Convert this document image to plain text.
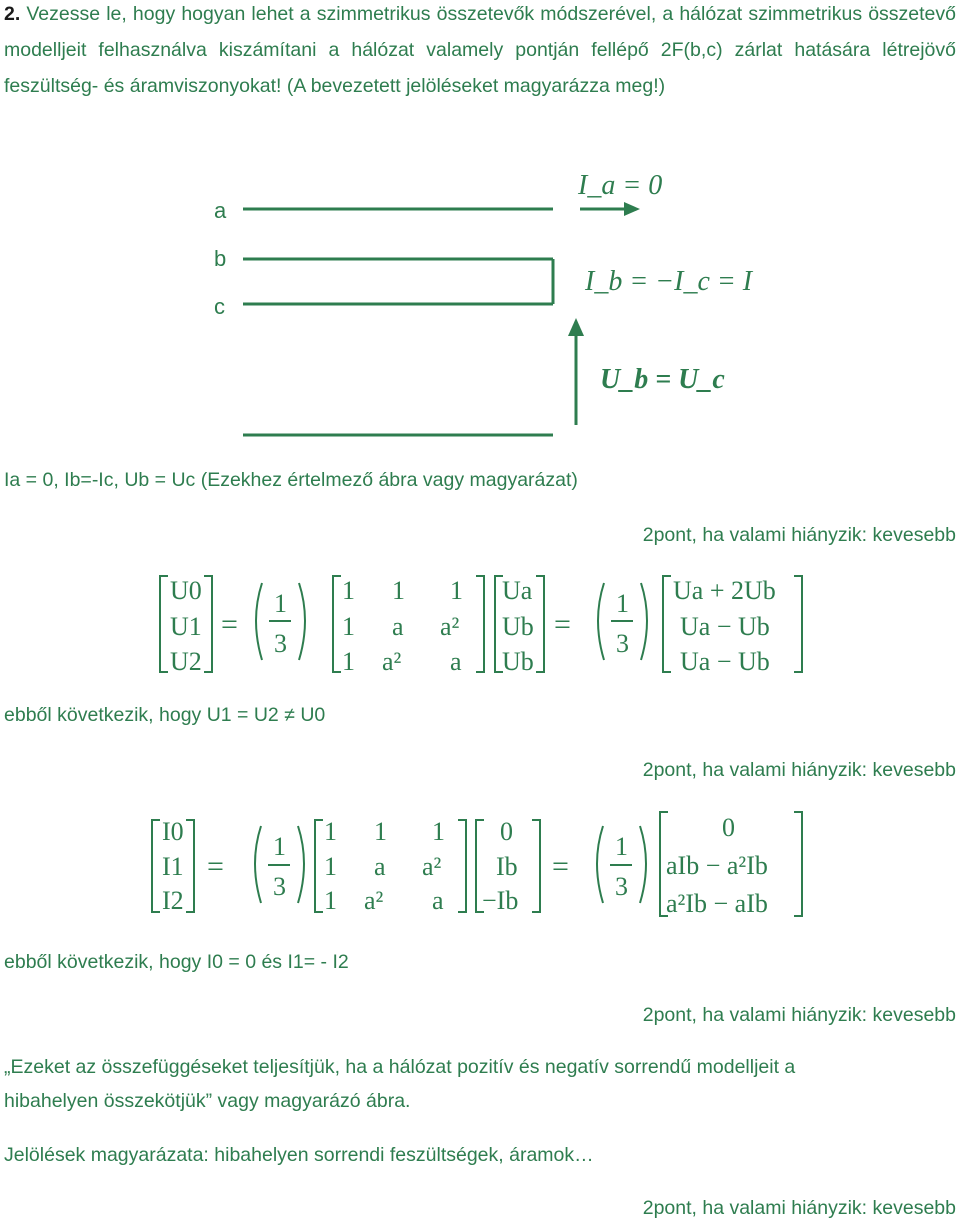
2. Vezesse le, hogy hogyan lehet a szimmetrikus összetevők módszerével, a hálózat szimmetrikus összetevő modelljeit felhasználva kiszámítani a hálózat valamely pontján fellépő 2F(b,c) zárlat hatására létrejövő feszültség- és áramviszonyokat! (A bevezetett jelöléseket magyarázza meg!)
a
b
c
I_a = 0
I_b = −I_c = I
U_b = U_c
Ia = 0, Ib=-Ic, Ub = Uc (Ezekhez értelmező ábra vagy magyarázat)
2pont, ha valami hiányzik: kevesebb
U0
U1
U2
=
1
3
1 1 1
1 a a²
1 a² a
Ua
Ub
Ub
=
1
3
Ua + 2Ub
Ua − Ub
Ua − Ub
ebből következik, hogy U1 = U2 ≠ U0
2pont, ha valami hiányzik: kevesebb
I0
I1
I2
=
1
3
1 1 1
1 a a²
1 a² a
0
Ib
−Ib
=
1
3
0
aIb − a²Ib
a²Ib − aIb
ebből következik, hogy I0 = 0 és I1= - I2
2pont, ha valami hiányzik: kevesebb
„Ezeket az összefüggéseket teljesítjük, ha a hálózat pozitív és negatív sorrendű modelljeit a hibahelyen összekötjük” vagy magyarázó ábra.
Jelölések magyarázata: hibahelyen sorrendi feszültségek, áramok…
2pont, ha valami hiányzik: kevesebb
